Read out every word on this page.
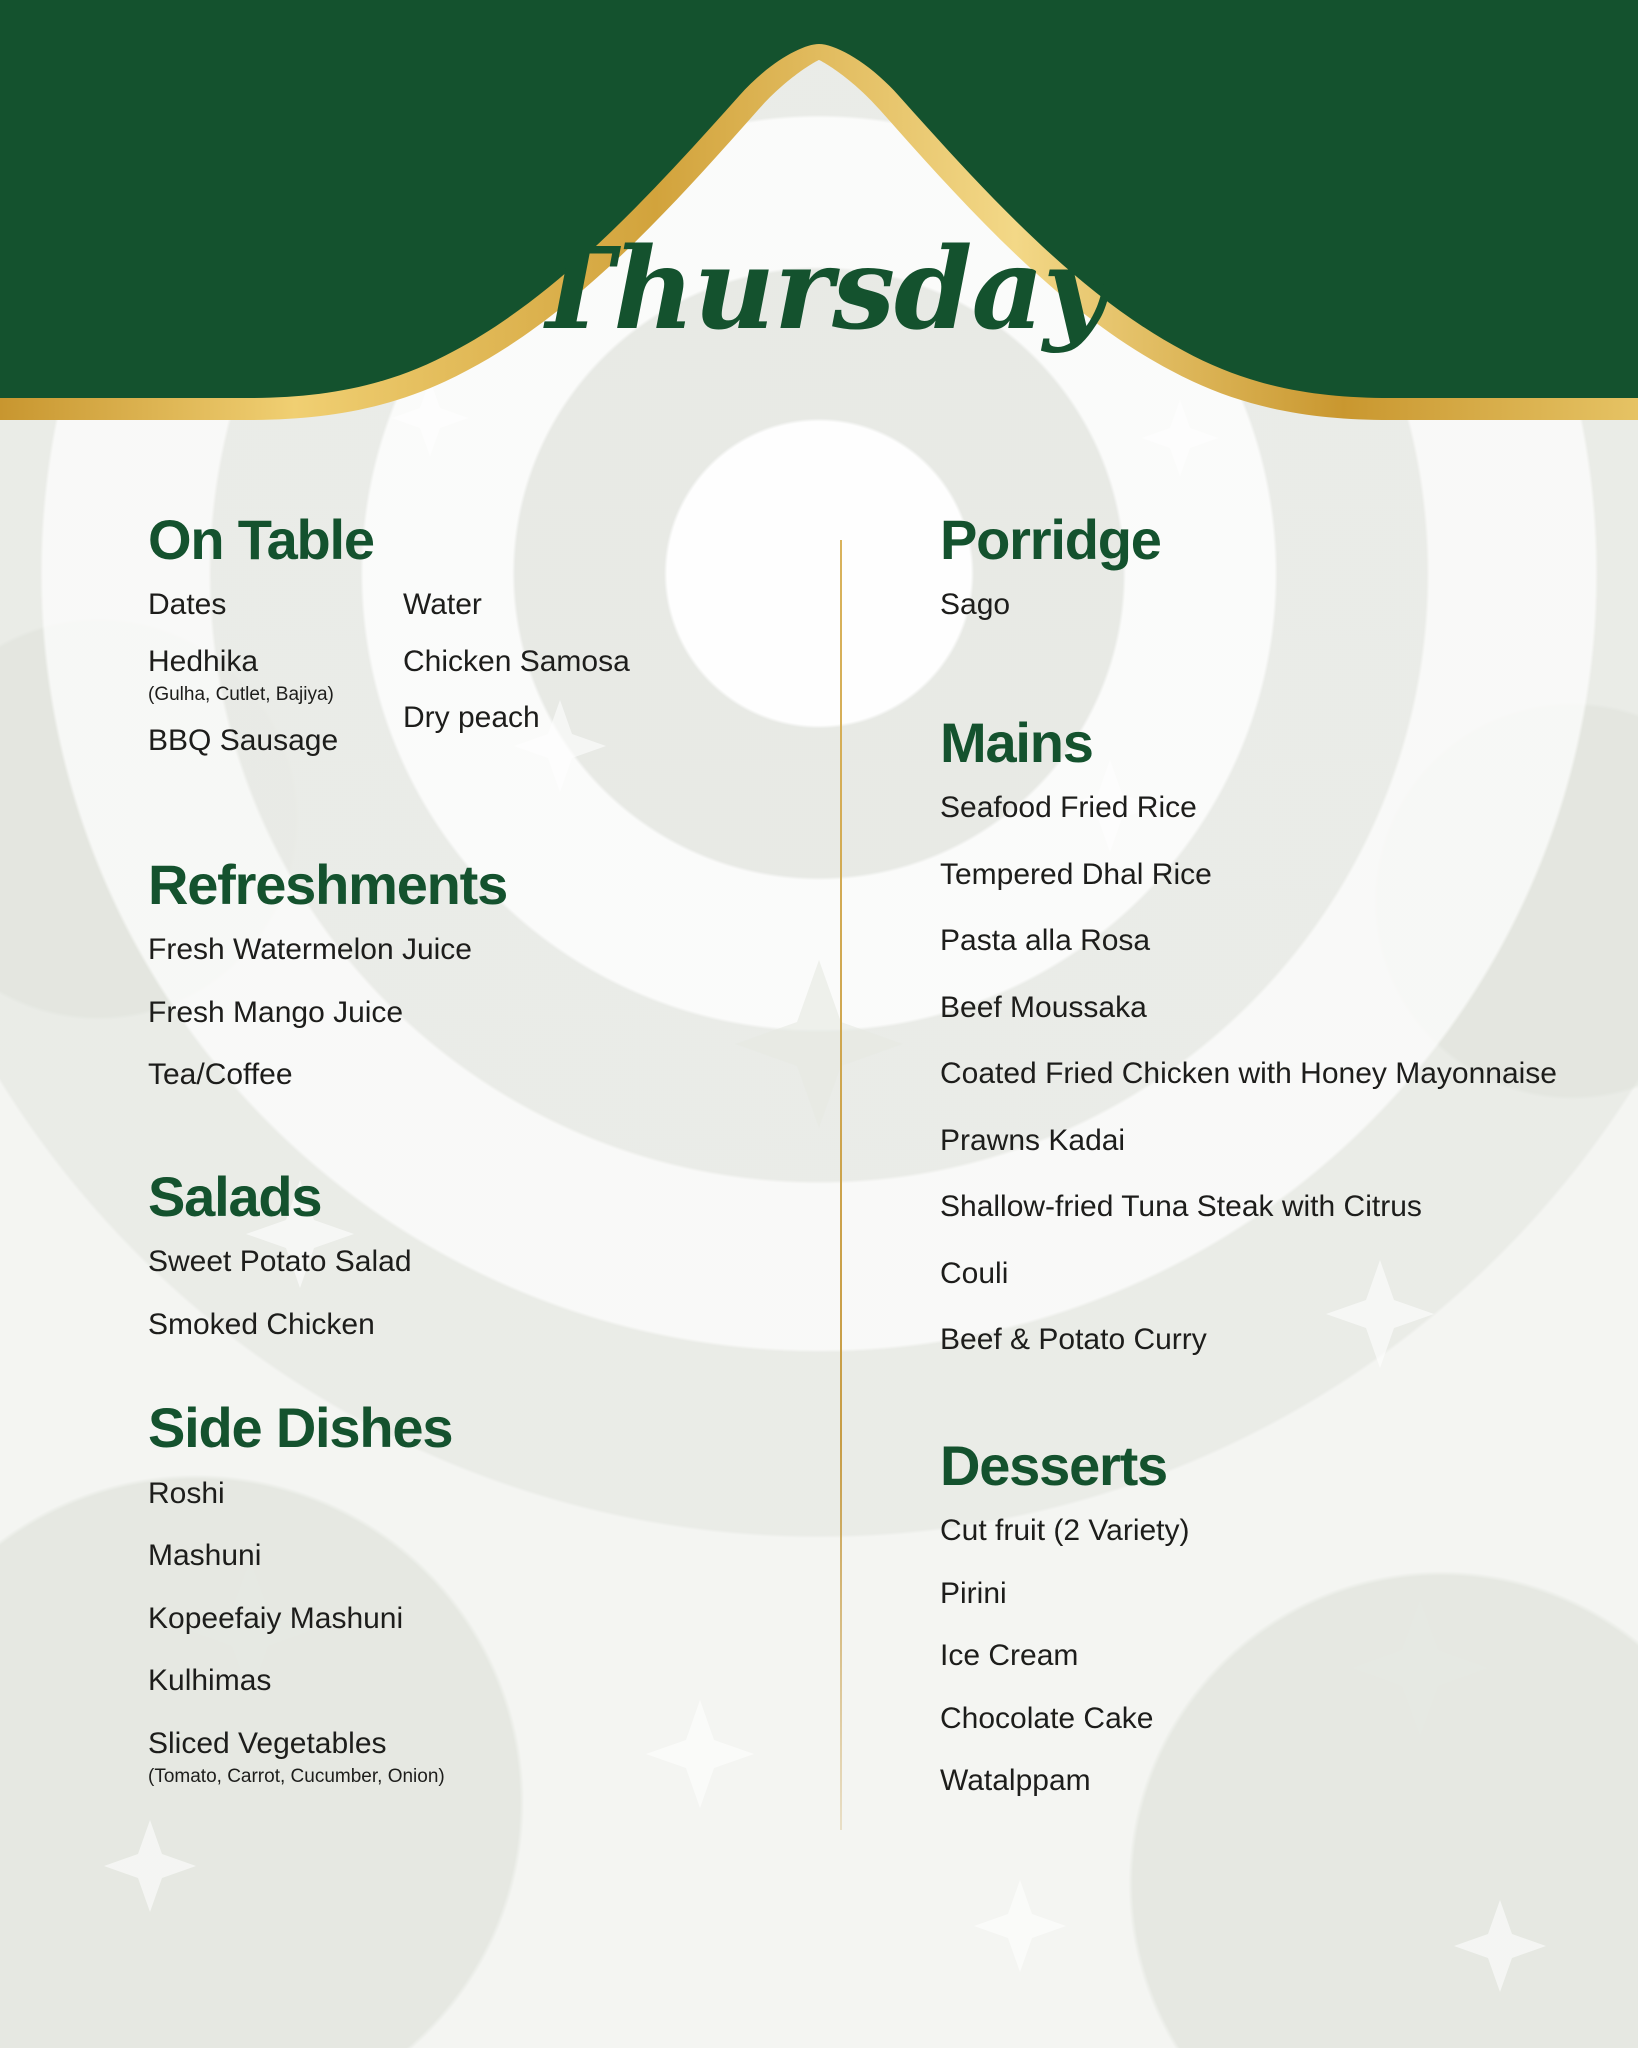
Thursday
On Table
Dates
Hedhika
(Gulha, Cutlet, Bajiya)
BBQ Sausage
Water
Chicken Samosa
Dry peach
Refreshments
Fresh Watermelon Juice
Fresh Mango Juice
Tea/Coffee
Salads
Sweet Potato Salad
Smoked Chicken
Side Dishes
Roshi
Mashuni
Kopeefaiy Mashuni
Kulhimas
Sliced Vegetables
(Tomato, Carrot, Cucumber, Onion)
Porridge
Sago
Mains
Seafood Fried Rice
Tempered Dhal Rice
Pasta alla Rosa
Beef Moussaka
Coated Fried Chicken with Honey Mayonnaise
Prawns Kadai
Shallow-fried Tuna Steak with Citrus
Couli
Beef & Potato Curry
Desserts
Cut fruit (2 Variety)
Pirini
Ice Cream
Chocolate Cake
Watalppam
